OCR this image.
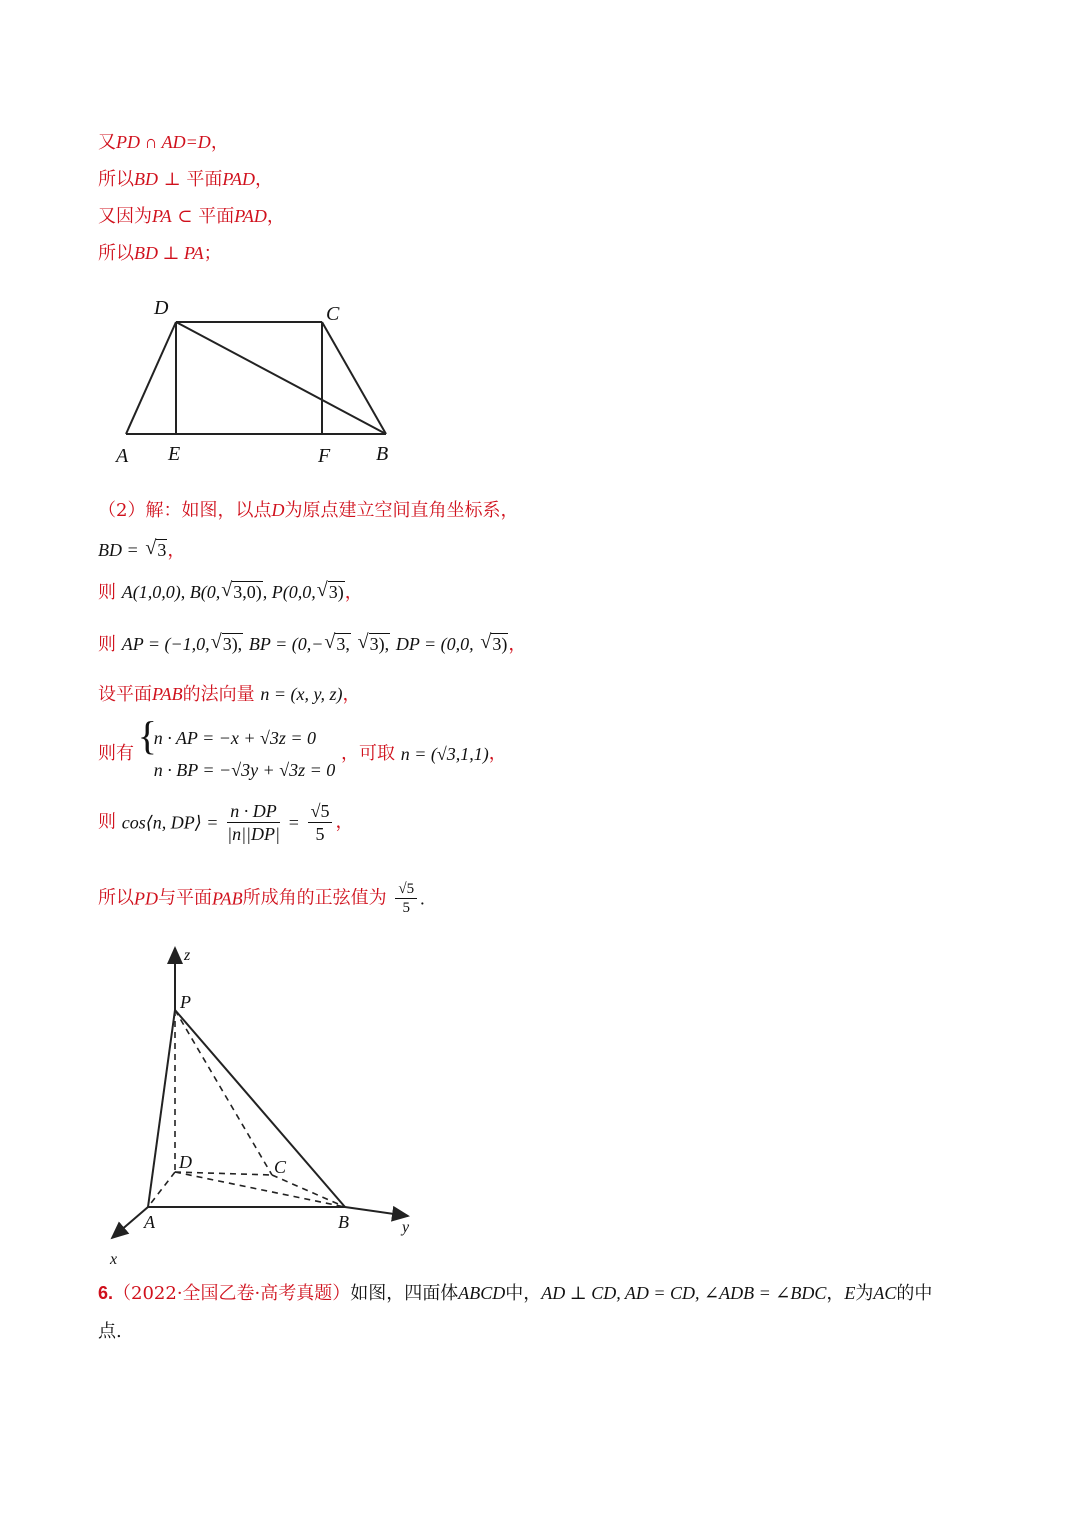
又PD ∩ AD=D，
所以BD ⊥ 平面PAD，
又因为PA ⊂ 平面PAD，
所以BD ⊥ PA；
D	C
A E	F B
（2）解：如图，以点D为原点建立空间直角坐标系，
BD = √ 3，
则 A(1,0,0), B(0, √ 3,0), P(0,0, √ 3)，
则 AP = (−1,0, √ 3), BP = (0,− √ 3, √ 3), DP = (0,0, √ 3)，
设平面PAB的法向量 n = (x, y, z)，
则有
{ n · AP = −x + √3z = 0
n · BP = −√3y + √3z = 0
，可取 n = (√3,1,1)，
则 cos⟨n, DP⟩ = $\frac{n \cdot DP}{|n||DP|} = \frac{√5}{5}$ ，
所以PD与平面PAB所成角的正弦值为 $\frac{√5}{5}$ .
z
P
D	C
A	B
x
y
6.（2022·全国乙卷·高考真题）如图，四面体ABCD中，AD ⊥ CD, AD = CD, ∠ADB = ∠BDC，E为AC的中
点.
